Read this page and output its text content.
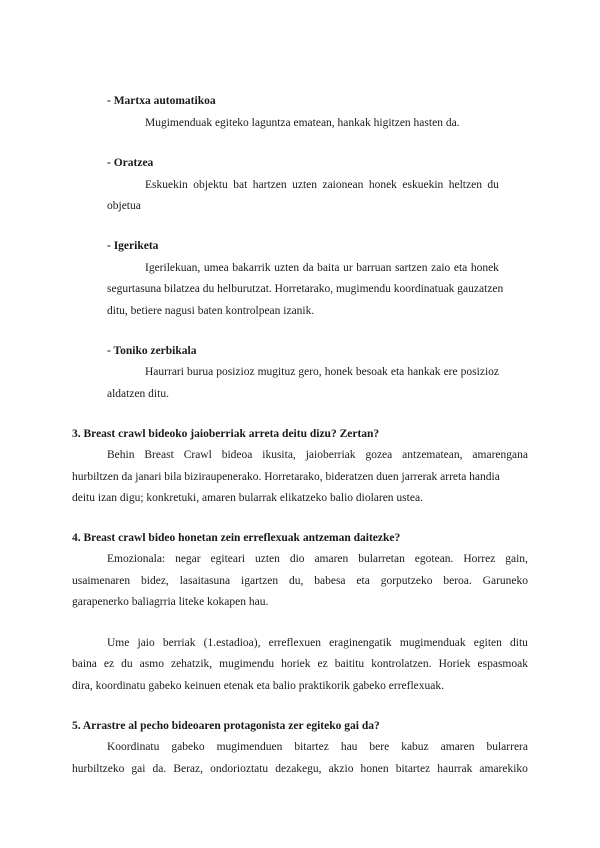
- Martxa automatikoa
Mugimenduak egiteko laguntza ematean, hankak higitzen hasten da.
- Oratzea
Eskuekin objektu bat hartzen uzten zaionean honek eskuekin heltzen du
objetua
- Igeriketa
Igerilekuan, umea bakarrik uzten da baita ur barruan sartzen zaio eta honek
segurtasuna bilatzea du helburutzat. Horretarako, mugimendu koordinatuak gauzatzen
ditu, betiere nagusi baten kontrolpean izanik.
- Toniko zerbikala
Haurrari burua posizioz mugituz gero, honek besoak eta hankak ere posizioz
aldatzen ditu.
3. Breast crawl bideoko jaioberriak arreta deitu dizu? Zertan?
Behin Breast Crawl bideoa ikusita, jaioberriak gozea antzematean, amarengana
hurbiltzen da janari bila biziraupenerako. Horretarako, bideratzen duen jarrerak arreta handia
deitu izan digu; konkretuki, amaren bularrak elikatzeko balio diolaren ustea.
4. Breast crawl bideo honetan zein erreflexuak antzeman daitezke?
Emozionala: negar egiteari uzten dio amaren bularretan egotean. Horrez gain,
usaimenaren bidez, lasaitasuna igartzen du, babesa eta gorputzeko beroa. Garuneko
garapenerko baliagrria liteke kokapen hau.
Ume jaio berriak (1.estadioa), erreflexuen eraginengatik mugimenduak egiten ditu
baina ez du asmo zehatzik, mugimendu horiek ez baititu kontrolatzen. Horiek espasmoak
dira, koordinatu gabeko keinuen etenak eta balio praktikorik gabeko erreflexuak.
5. Arrastre al pecho bideoaren protagonista zer egiteko gai da?
Koordinatu gabeko mugimenduen bitartez hau bere kabuz amaren bularrera
hurbiltzeko gai da. Beraz, ondorioztatu dezakegu, akzio honen bitartez haurrak amarekiko
